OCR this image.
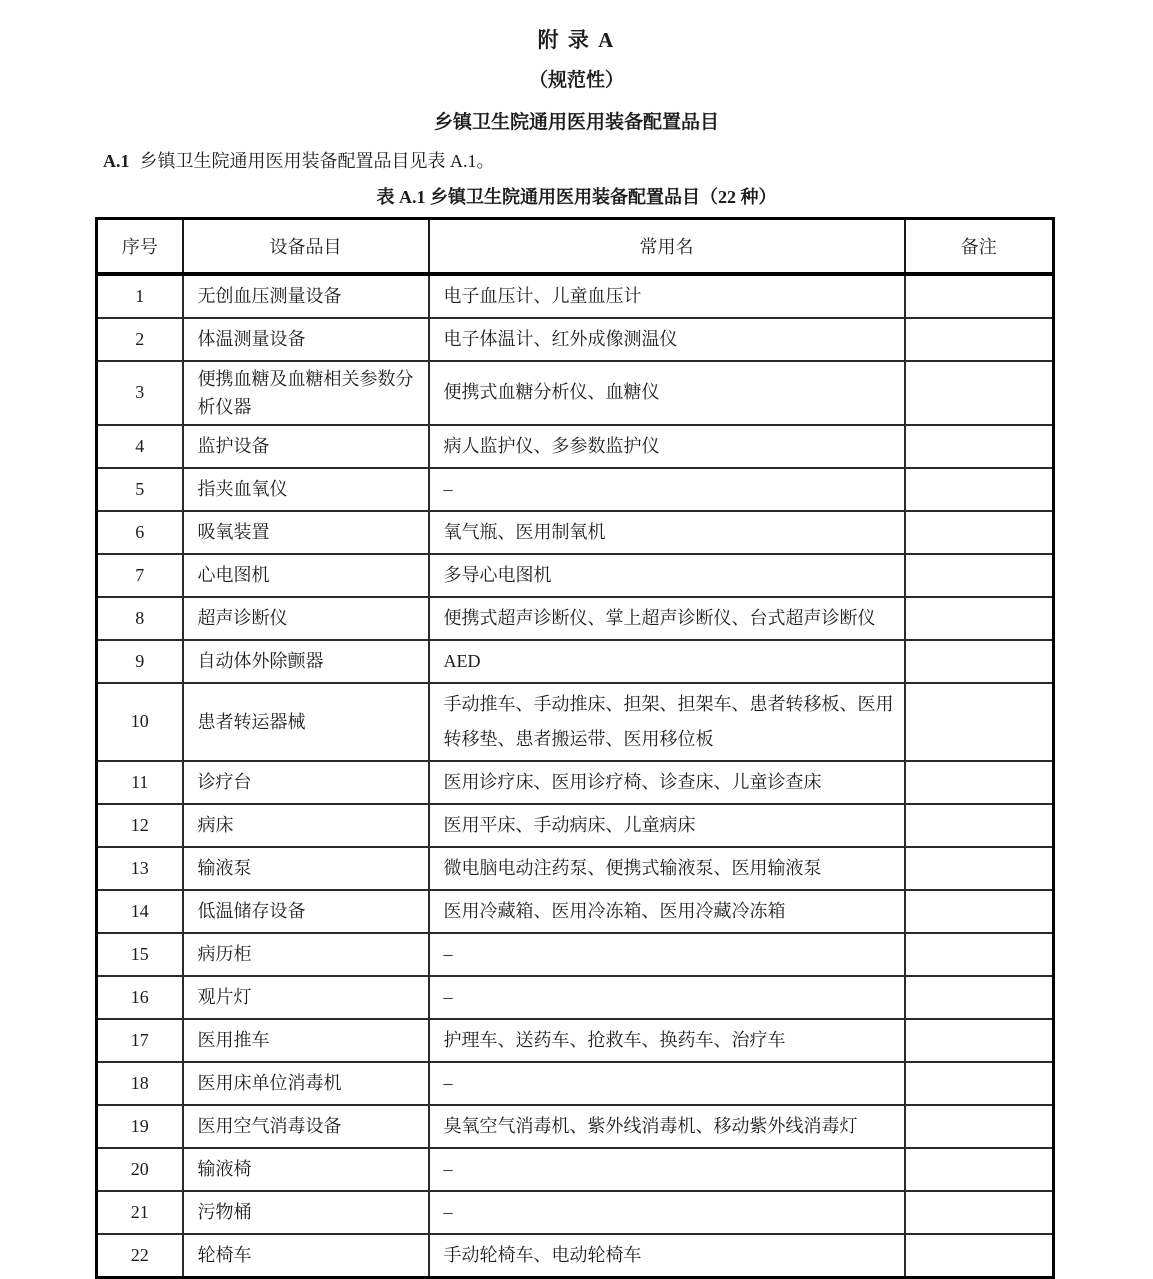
附 录 A
（规范性）
乡镇卫生院通用医用装备配置品目
A.1 乡镇卫生院通用医用装备配置品目见表 A.1。
表 A.1 乡镇卫生院通用医用装备配置品目（22 种）
序号	设备品目	常用名	备注
1	无创血压测量设备	电子血压计、儿童血压计	
2	体温测量设备	电子体温计、红外成像测温仪	
3	便携血糖及血糖相关参数分析仪器	便携式血糖分析仪、血糖仪	
4	监护设备	病人监护仪、多参数监护仪	
5	指夹血氧仪	–	
6	吸氧装置	氧气瓶、医用制氧机	
7	心电图机	多导心电图机	
8	超声诊断仪	便携式超声诊断仪、掌上超声诊断仪、台式超声诊断仪	
9	自动体外除颤器	AED	
10	患者转运器械	手动推车、手动推床、担架、担架车、患者转移板、医用转移垫、患者搬运带、医用移位板	
11	诊疗台	医用诊疗床、医用诊疗椅、诊查床、儿童诊查床	
12	病床	医用平床、手动病床、儿童病床	
13	输液泵	微电脑电动注药泵、便携式输液泵、医用输液泵	
14	低温储存设备	医用冷藏箱、医用冷冻箱、医用冷藏冷冻箱	
15	病历柜	–	
16	观片灯	–	
17	医用推车	护理车、送药车、抢救车、换药车、治疗车	
18	医用床单位消毒机	–	
19	医用空气消毒设备	臭氧空气消毒机、紫外线消毒机、移动紫外线消毒灯	
20	输液椅	–	
21	污物桶	–	
22	轮椅车	手动轮椅车、电动轮椅车	
